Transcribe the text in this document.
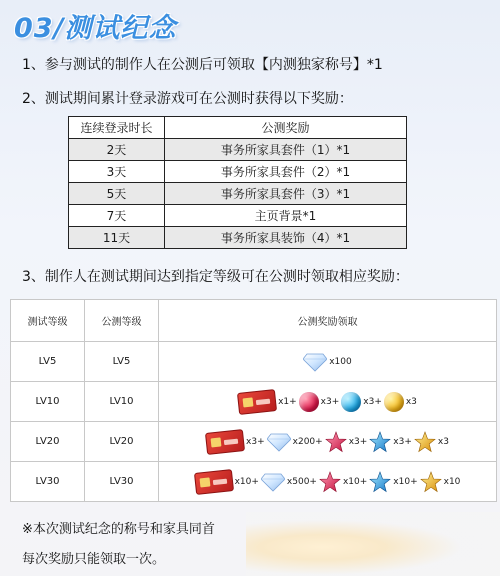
03/测试纪念
1、参与测试的制作人在公测后可领取【内测独家称号】*1
2、测试期间累计登录游戏可在公测时获得以下奖励：
连续登录时长	公测奖励
2天	事务所家具套件（1）*1
3天	事务所家具套件（2）*1
5天	事务所家具套件（3）*1
7天	主页背景*1
11天	事务所家具装饰（4）*1
3、制作人在测试期间达到指定等级可在公测时领取相应奖励：
测试等级	公测等级	公测奖励领取
LV5	LV5	x100

LV10	LV10	x1+ x3+ x3+ x3

LV20	LV20	x3+ x200+ x3+ x3+ x3

LV30	LV30	x10+ x500+ x10+ x10+ x10
※本次测试纪念的称号和家具同首
每次奖励只能领取一次。
